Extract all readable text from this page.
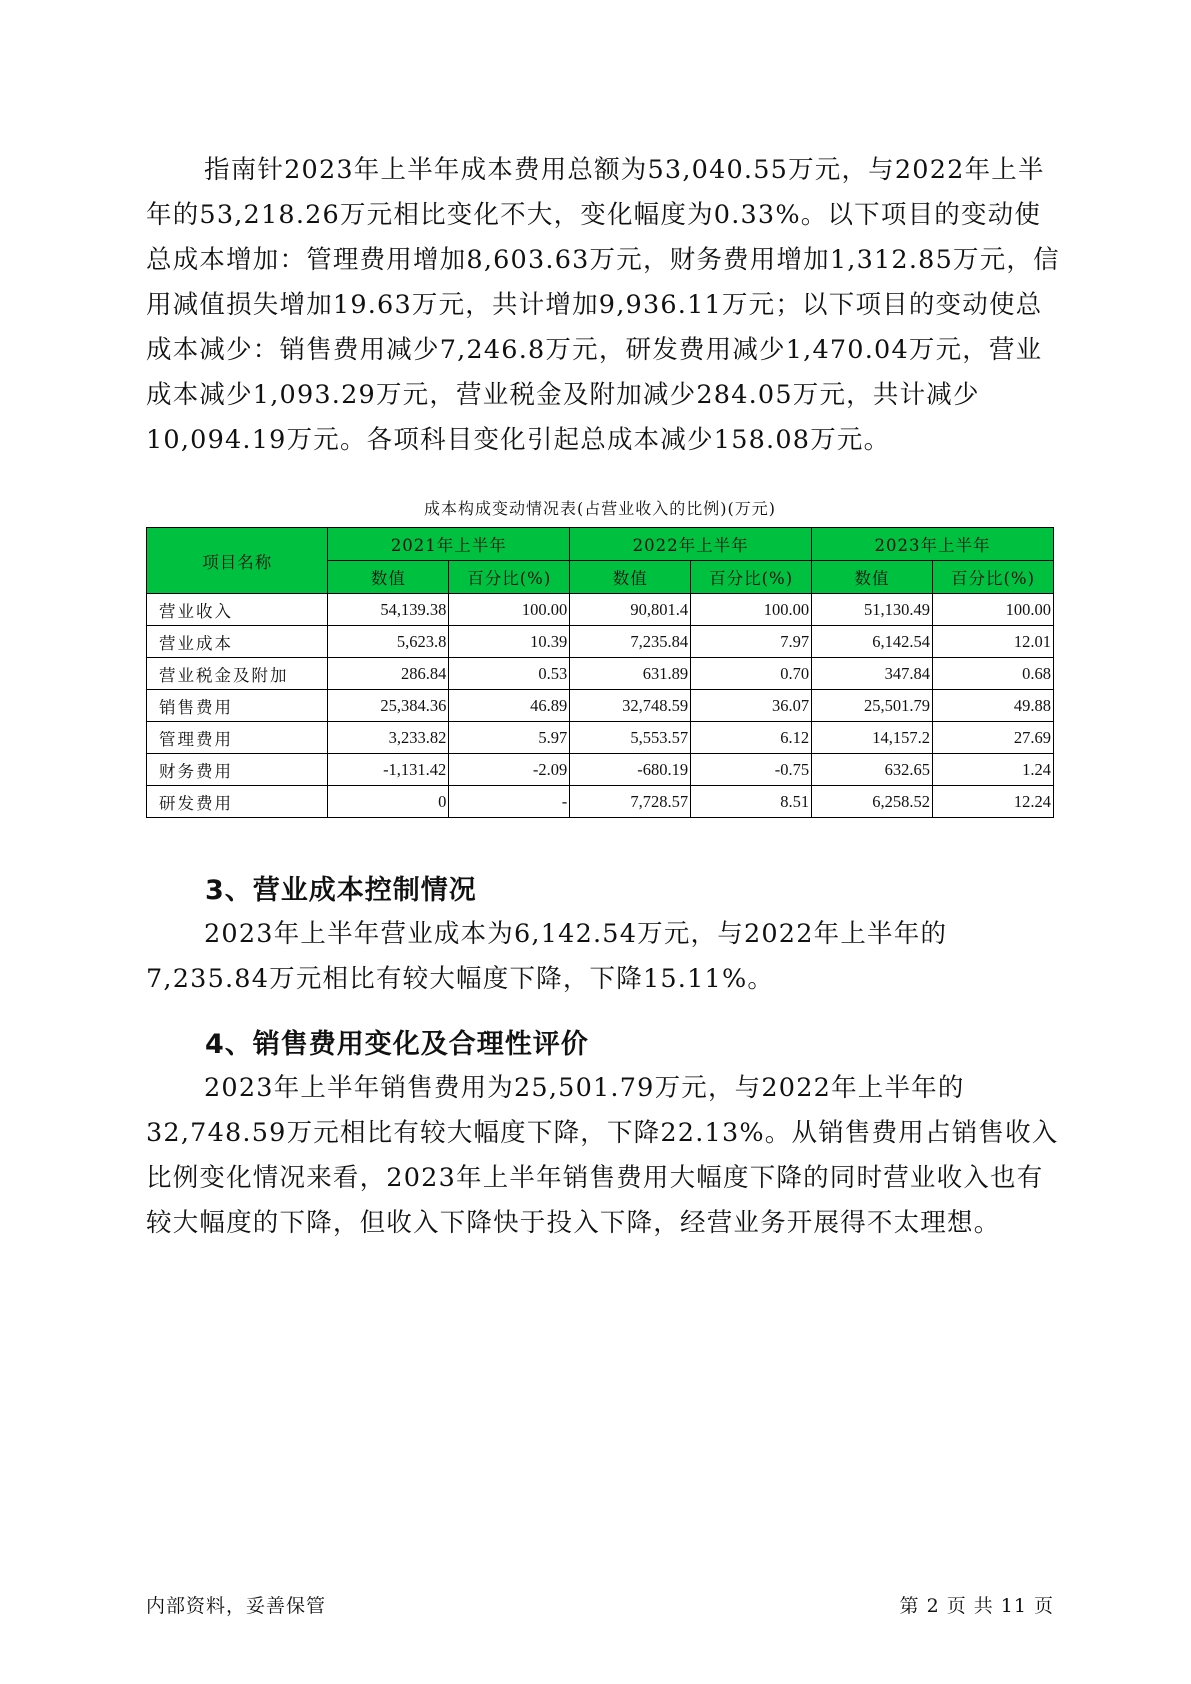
指南针2023年上半年成本费用总额为53,040.55万元，与2022年上半年的53,218.26万元相比变化不大，变化幅度为0.33%。以下项目的变动使总成本增加：管理费用增加8,603.63万元，财务费用增加1,312.85万元，信用减值损失增加19.63万元，共计增加9,936.11万元；以下项目的变动使总成本减少：销售费用减少7,246.8万元，研发费用减少1,470.04万元，营业成本减少1,093.29万元，营业税金及附加减少284.05万元，共计减少10,094.19万元。各项科目变化引起总成本减少158.08万元。
成本构成变动情况表(占营业收入的比例)(万元)
项目名称	2021年上半年		2022年上半年		2023年上半年	
	数值	百分比(%)	数值	百分比(%)	数值	百分比(%)
营业收入	54,139.38	100.00	90,801.4	100.00	51,130.49	100.00
营业成本	5,623.8	10.39	7,235.84	7.97	6,142.54	12.01
营业税金及附加	286.84	0.53	631.89	0.70	347.84	0.68
销售费用	25,384.36	46.89	32,748.59	36.07	25,501.79	49.88
管理费用	3,233.82	5.97	5,553.57	6.12	14,157.2	27.69
财务费用	-1,131.42	-2.09	-680.19	-0.75	632.65	1.24
研发费用	0	-	7,728.57	8.51	6,258.52	12.24
3、营业成本控制情况
2023年上半年营业成本为6,142.54万元，与2022年上半年的7,235.84万元相比有较大幅度下降，下降15.11%。
4、销售费用变化及合理性评价
2023年上半年销售费用为25,501.79万元，与2022年上半年的32,748.59万元相比有较大幅度下降，下降22.13%。从销售费用占销售收入比例变化情况来看，2023年上半年销售费用大幅度下降的同时营业收入也有较大幅度的下降，但收入下降快于投入下降，经营业务开展得不太理想。
内部资料，妥善保管	第 2 页 共 11 页
